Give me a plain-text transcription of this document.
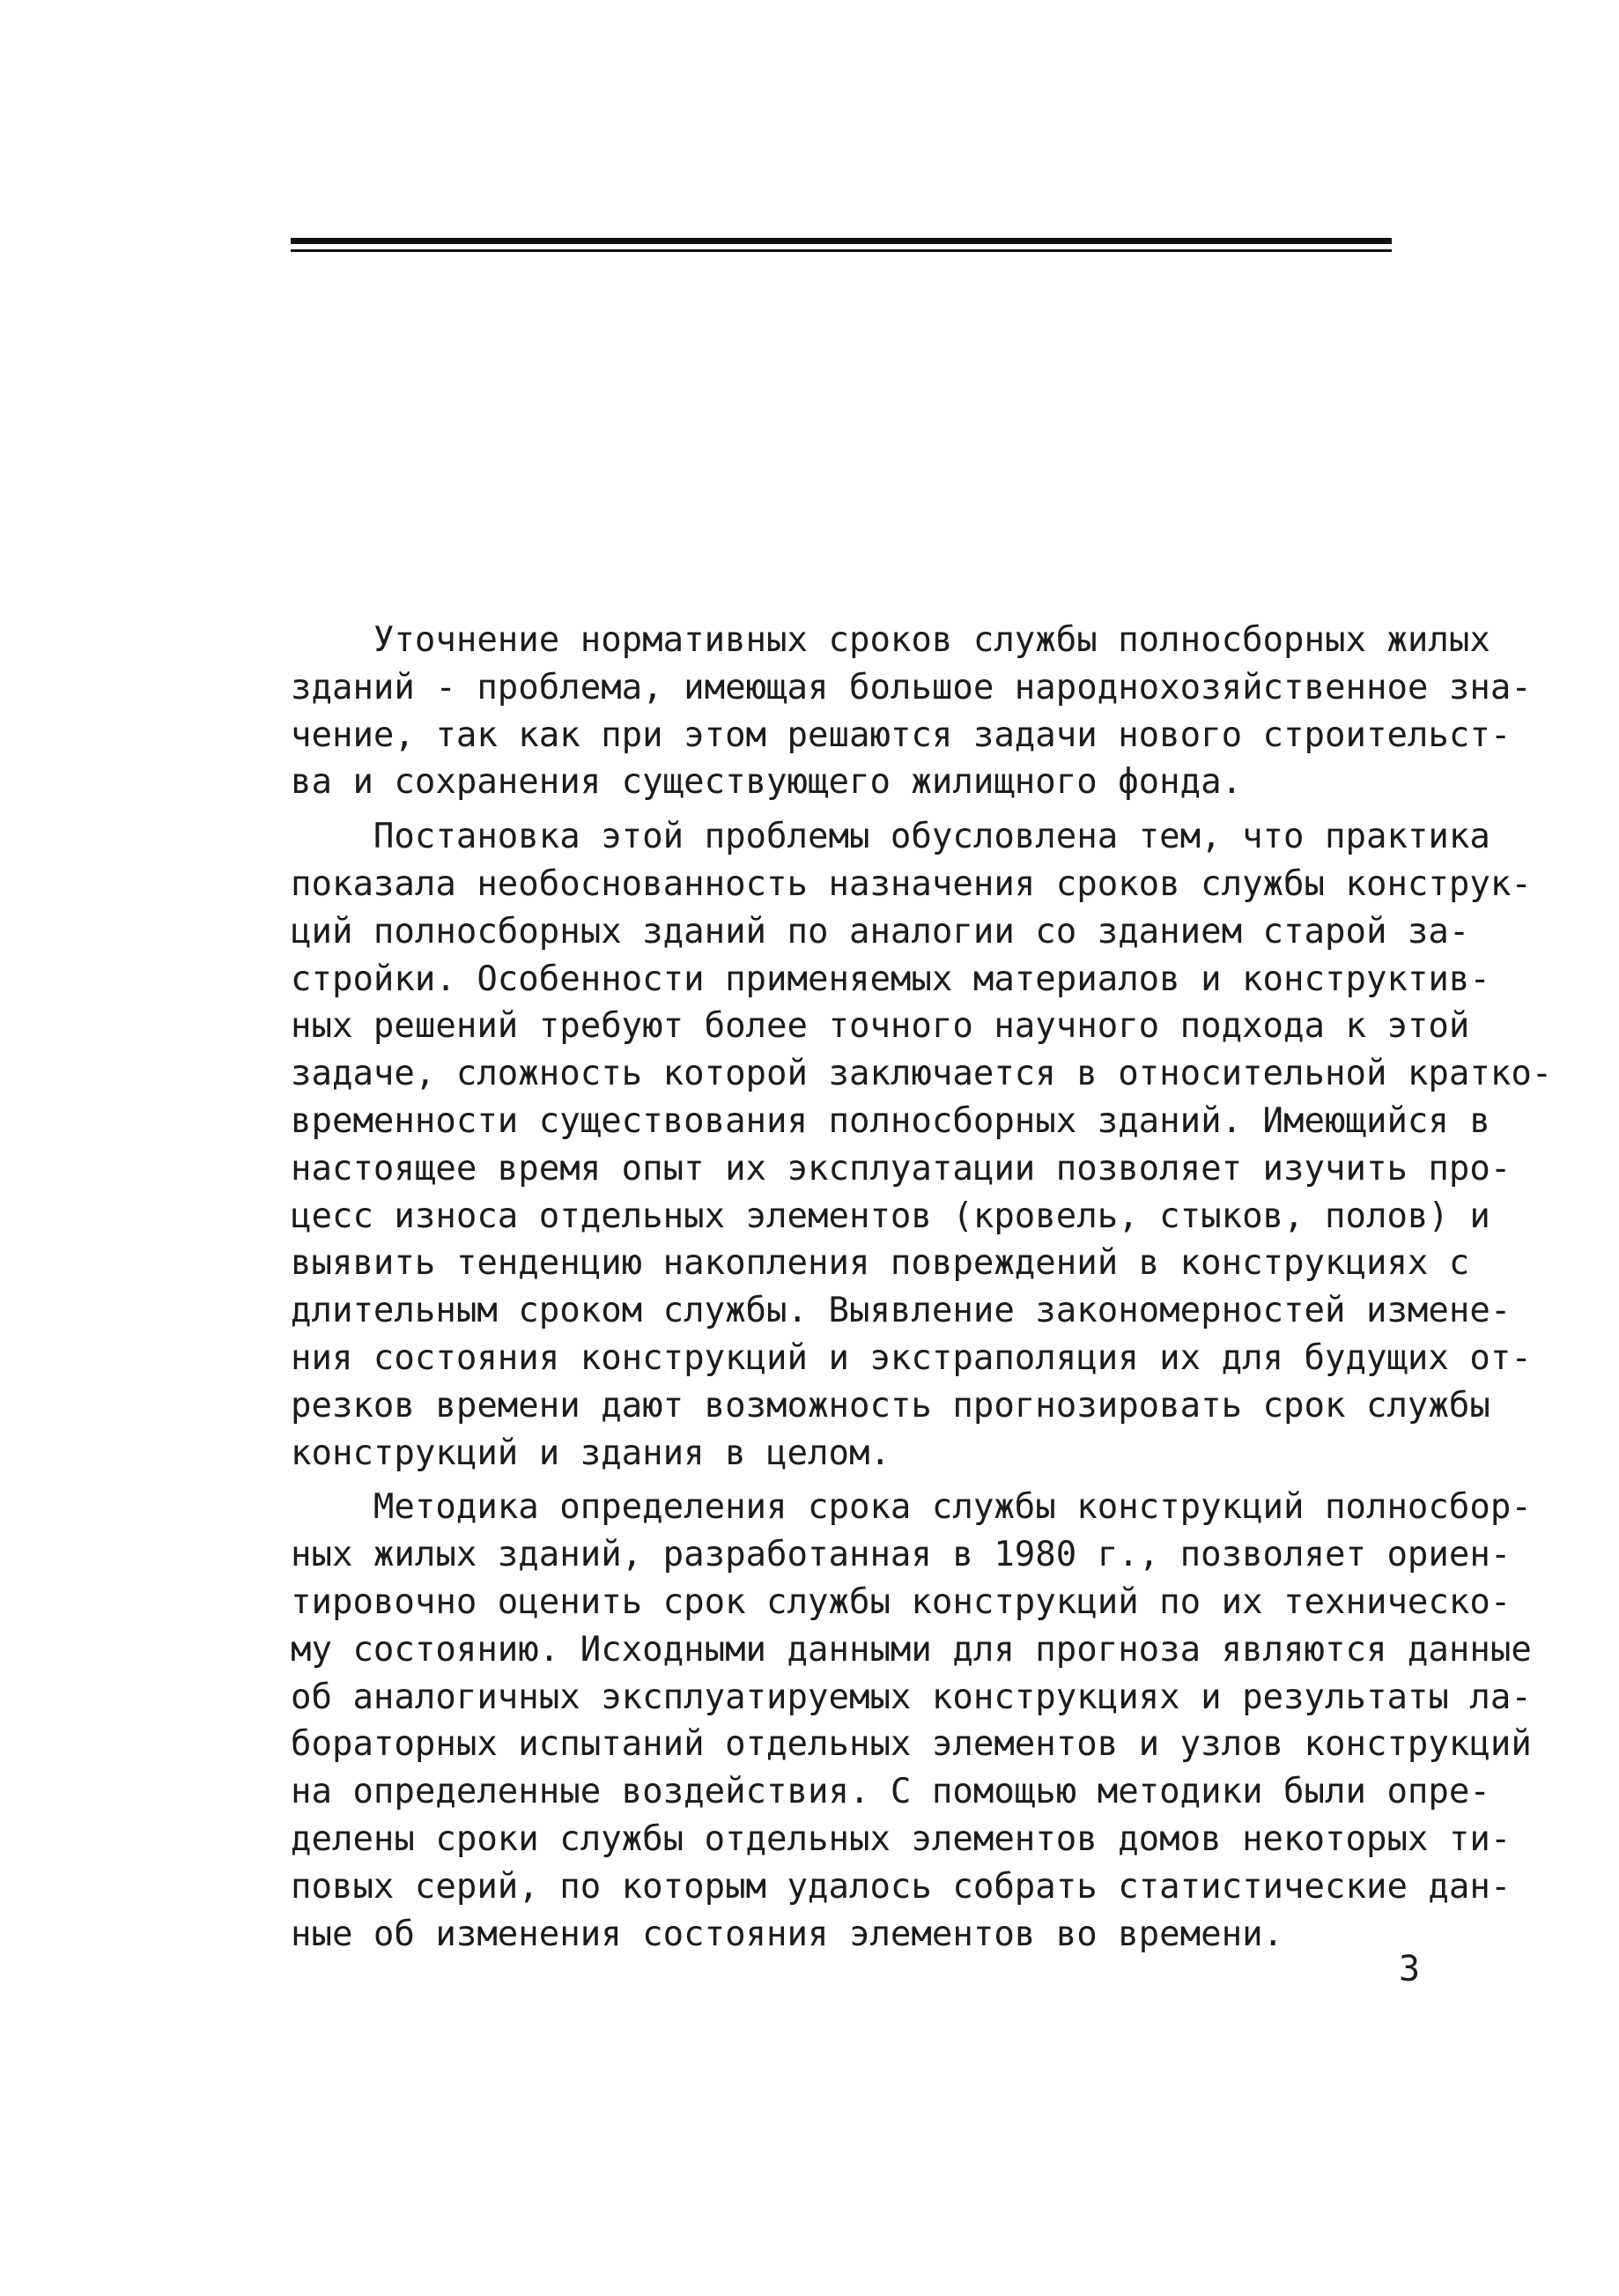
Уточнение нормативных сроков службы полносборных жилых
зданий - проблема, имеющая большое народнохозяйственное зна-
чение, так как при этом решаются задачи нового строительст-
ва и сохранения существующего жилищного фонда.
Постановка этой проблемы обусловлена тем, что практика
показала необоснованность назначения сроков службы конструк-
ций полносборных зданий по аналогии со зданием старой за-
стройки. Особенности применяемых материалов и конструктив-
ных решений требуют более точного научного подхода к этой
задаче, сложность которой заключается в относительной кратко-
временности существования полносборных зданий. Имеющийся в
настоящее время опыт их эксплуатации позволяет изучить про-
цесс износа отдельных элементов (кровель, стыков, полов) и
выявить тенденцию накопления повреждений в конструкциях с
длительным сроком службы. Выявление закономерностей измене-
ния состояния конструкций и экстраполяция их для будущих от-
резков времени дают возможность прогнозировать срок службы
конструкций и здания в целом.
Методика определения срока службы конструкций полносбор-
ных жилых зданий, разработанная в 1980 г., позволяет ориен-
тировочно оценить срок службы конструкций по их техническо-
му состоянию. Исходными данными для прогноза являются данные
об аналогичных эксплуатируемых конструкциях и результаты ла-
бораторных испытаний отдельных элементов и узлов конструкций
на определенные воздействия. С помощью методики были опре-
делены сроки службы отдельных элементов домов некоторых ти-
повых серий, по которым удалось собрать статистические дан-
ные об изменения состояния элементов во времени.
3
